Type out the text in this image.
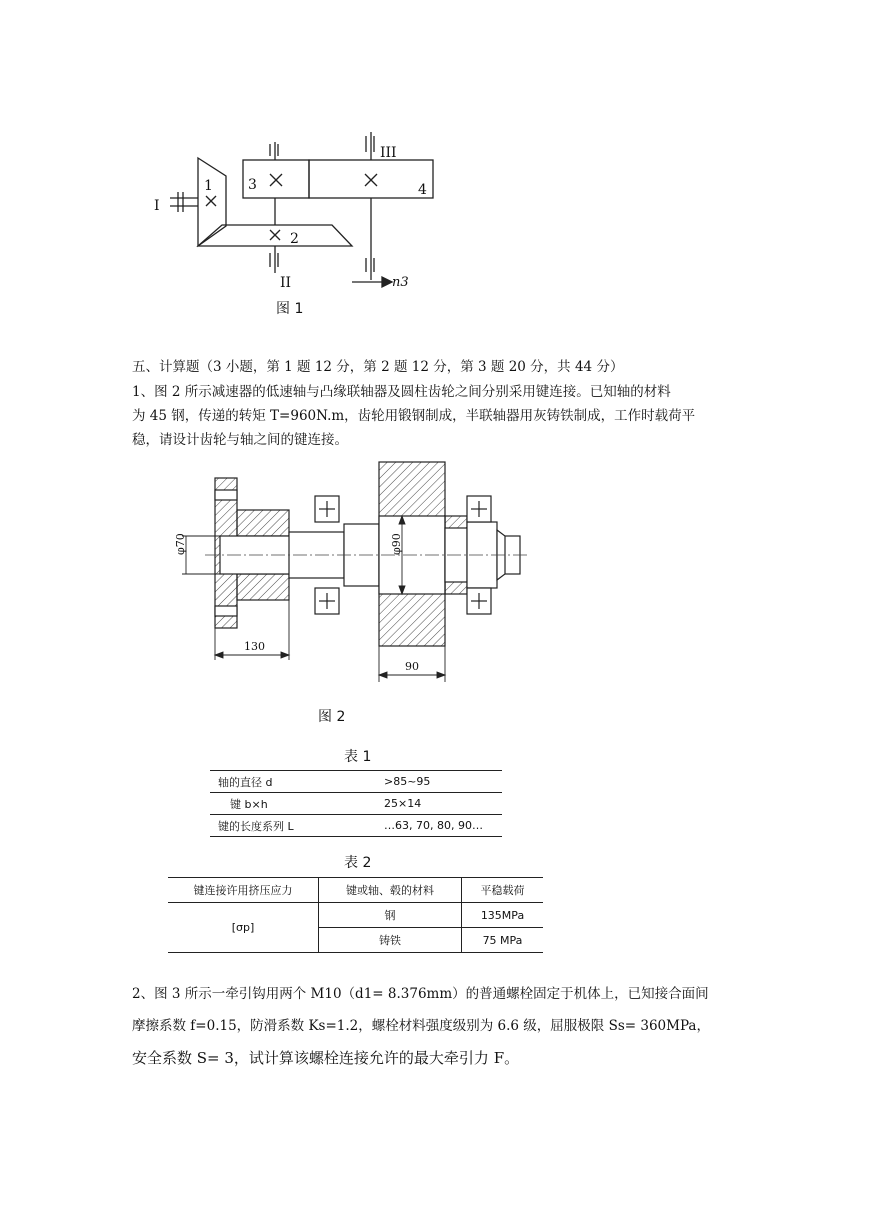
I
1	3	4
2
III
II	n3
图 1
五、计算题（3 小题，第 1 题 12 分，第 2 题 12 分，第 3 题 20 分，共 44 分）
1、图 2 所示减速器的低速轴与凸缘联轴器及圆柱齿轮之间分别采用键连接。已知轴的材料
为 45 钢，传递的转矩 T=960N.m，齿轮用锻钢制成，半联轴器用灰铸铁制成，工作时载荷平
稳，请设计齿轮与轴之间的键连接。
φ70	φ90
130
90
图 2
表 1
轴的直径 d	>85~95
键 b×h	25×14
键的长度系列 L	…63, 70, 80, 90…
表 2
键连接许用挤压应力	键或轴、毂的材料	平稳载荷
[σp]	钢	135MPa
	铸铁	75 MPa
2、图 3 所示一牵引钩用两个 M10（d1= 8.376mm）的普通螺栓固定于机体上，已知接合面间
摩擦系数 f=0.15，防滑系数 Ks=1.2，螺栓材料强度级别为 6.6 级，屈服极限 Ss= 360MPa，
安全系数 S= 3，试计算该螺栓连接允许的最大牵引力 F。
